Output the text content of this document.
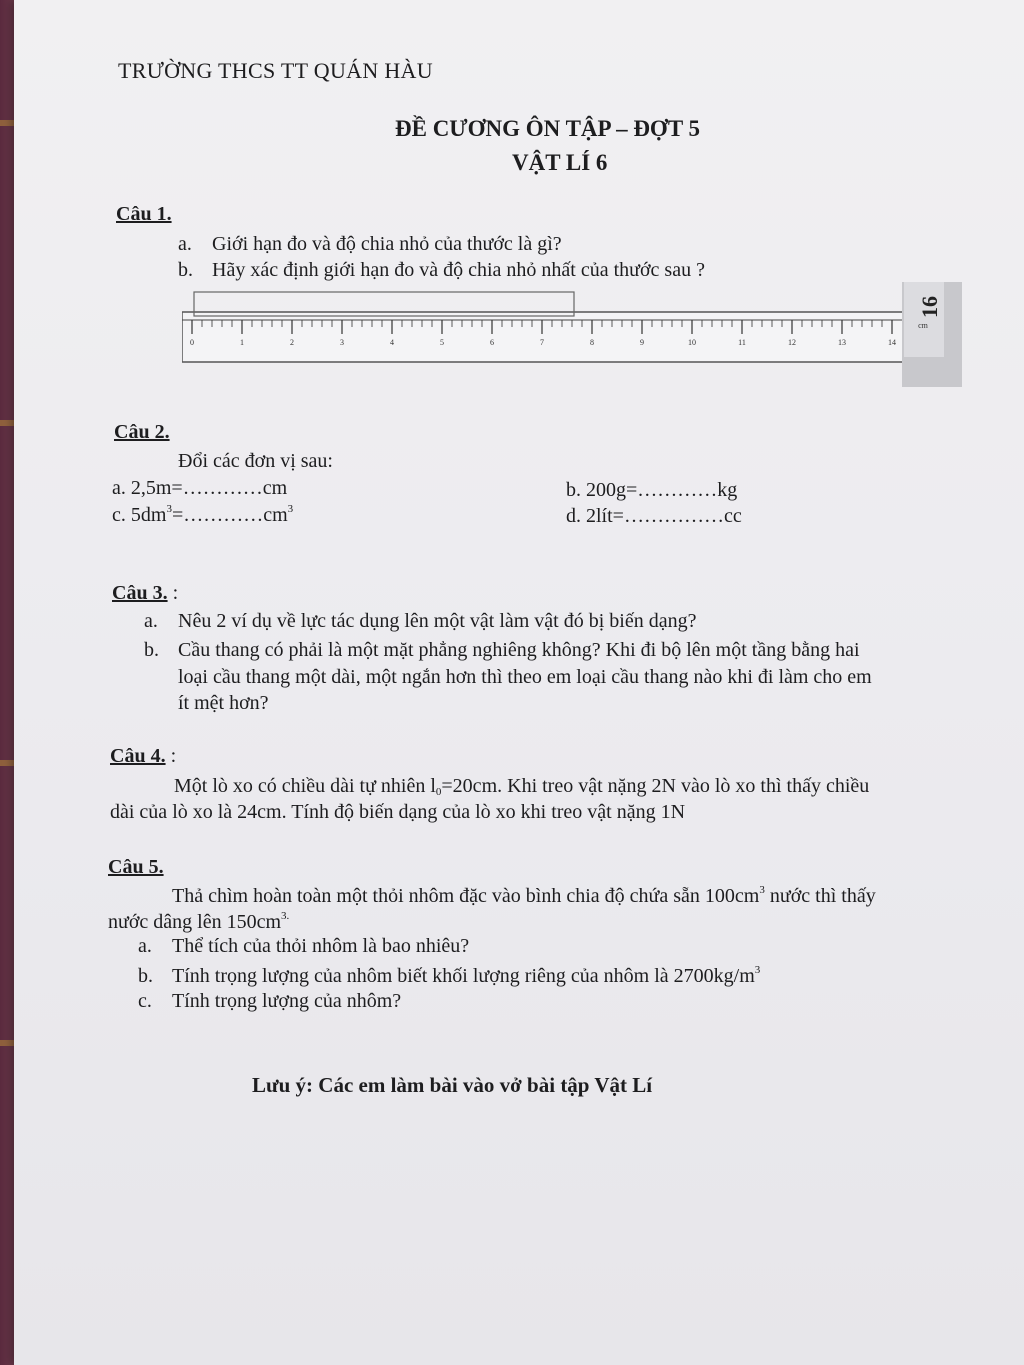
TRƯỜNG THCS TT QUÁN HÀU
ĐỀ CƯƠNG ÔN TẬP – ĐỢT 5
VẬT LÍ 6
Câu 1.
a. Giới hạn đo và độ chia nhỏ của thước là gì?
b. Hãy xác định giới hạn đo và độ chia nhỏ nhất của thước sau ?
0	1	2	3	4	5	6	7	8	9	10	11	12	13	14
cm
16
Câu 2.
Đổi các đơn vị sau:
a. 2,5m=…………cm	b. 200g=…………kg
c. $5dm^3=\dots\dots\dots\dots cm^3$	d. 2lít=……………cc
Câu 3. :
a. Nêu 2 ví dụ về lực tác dụng lên một vật làm vật đó bị biến dạng?
b. Cầu thang có phải là một mặt phẳng nghiêng không? Khi đi bộ lên một tầng bằng hai
loại cầu thang một dài, một ngắn hơn thì theo em loại cầu thang nào khi đi làm cho em
ít mệt hơn?
Câu 4. :
Một lò xo có chiều dài tự nhiên $l_0=20cm$. Khi treo vật nặng 2N vào lò xo thì thấy chiều
dài của lò xo là 24cm. Tính độ biến dạng của lò xo khi treo vật nặng 1N
Câu 5.
Thả chìm hoàn toàn một thỏi nhôm đặc vào bình chia độ chứa sẵn $100cm^3$ nước thì thấy
nước dâng lên $150cm^{3.}$
a. Thể tích của thỏi nhôm là bao nhiêu?
b. Tính trọng lượng của nhôm biết khối lượng riêng của nhôm là $2700kg/m^3$
c. Tính trọng lượng của nhôm?
Lưu ý: Các em làm bài vào vở bài tập Vật Lí
